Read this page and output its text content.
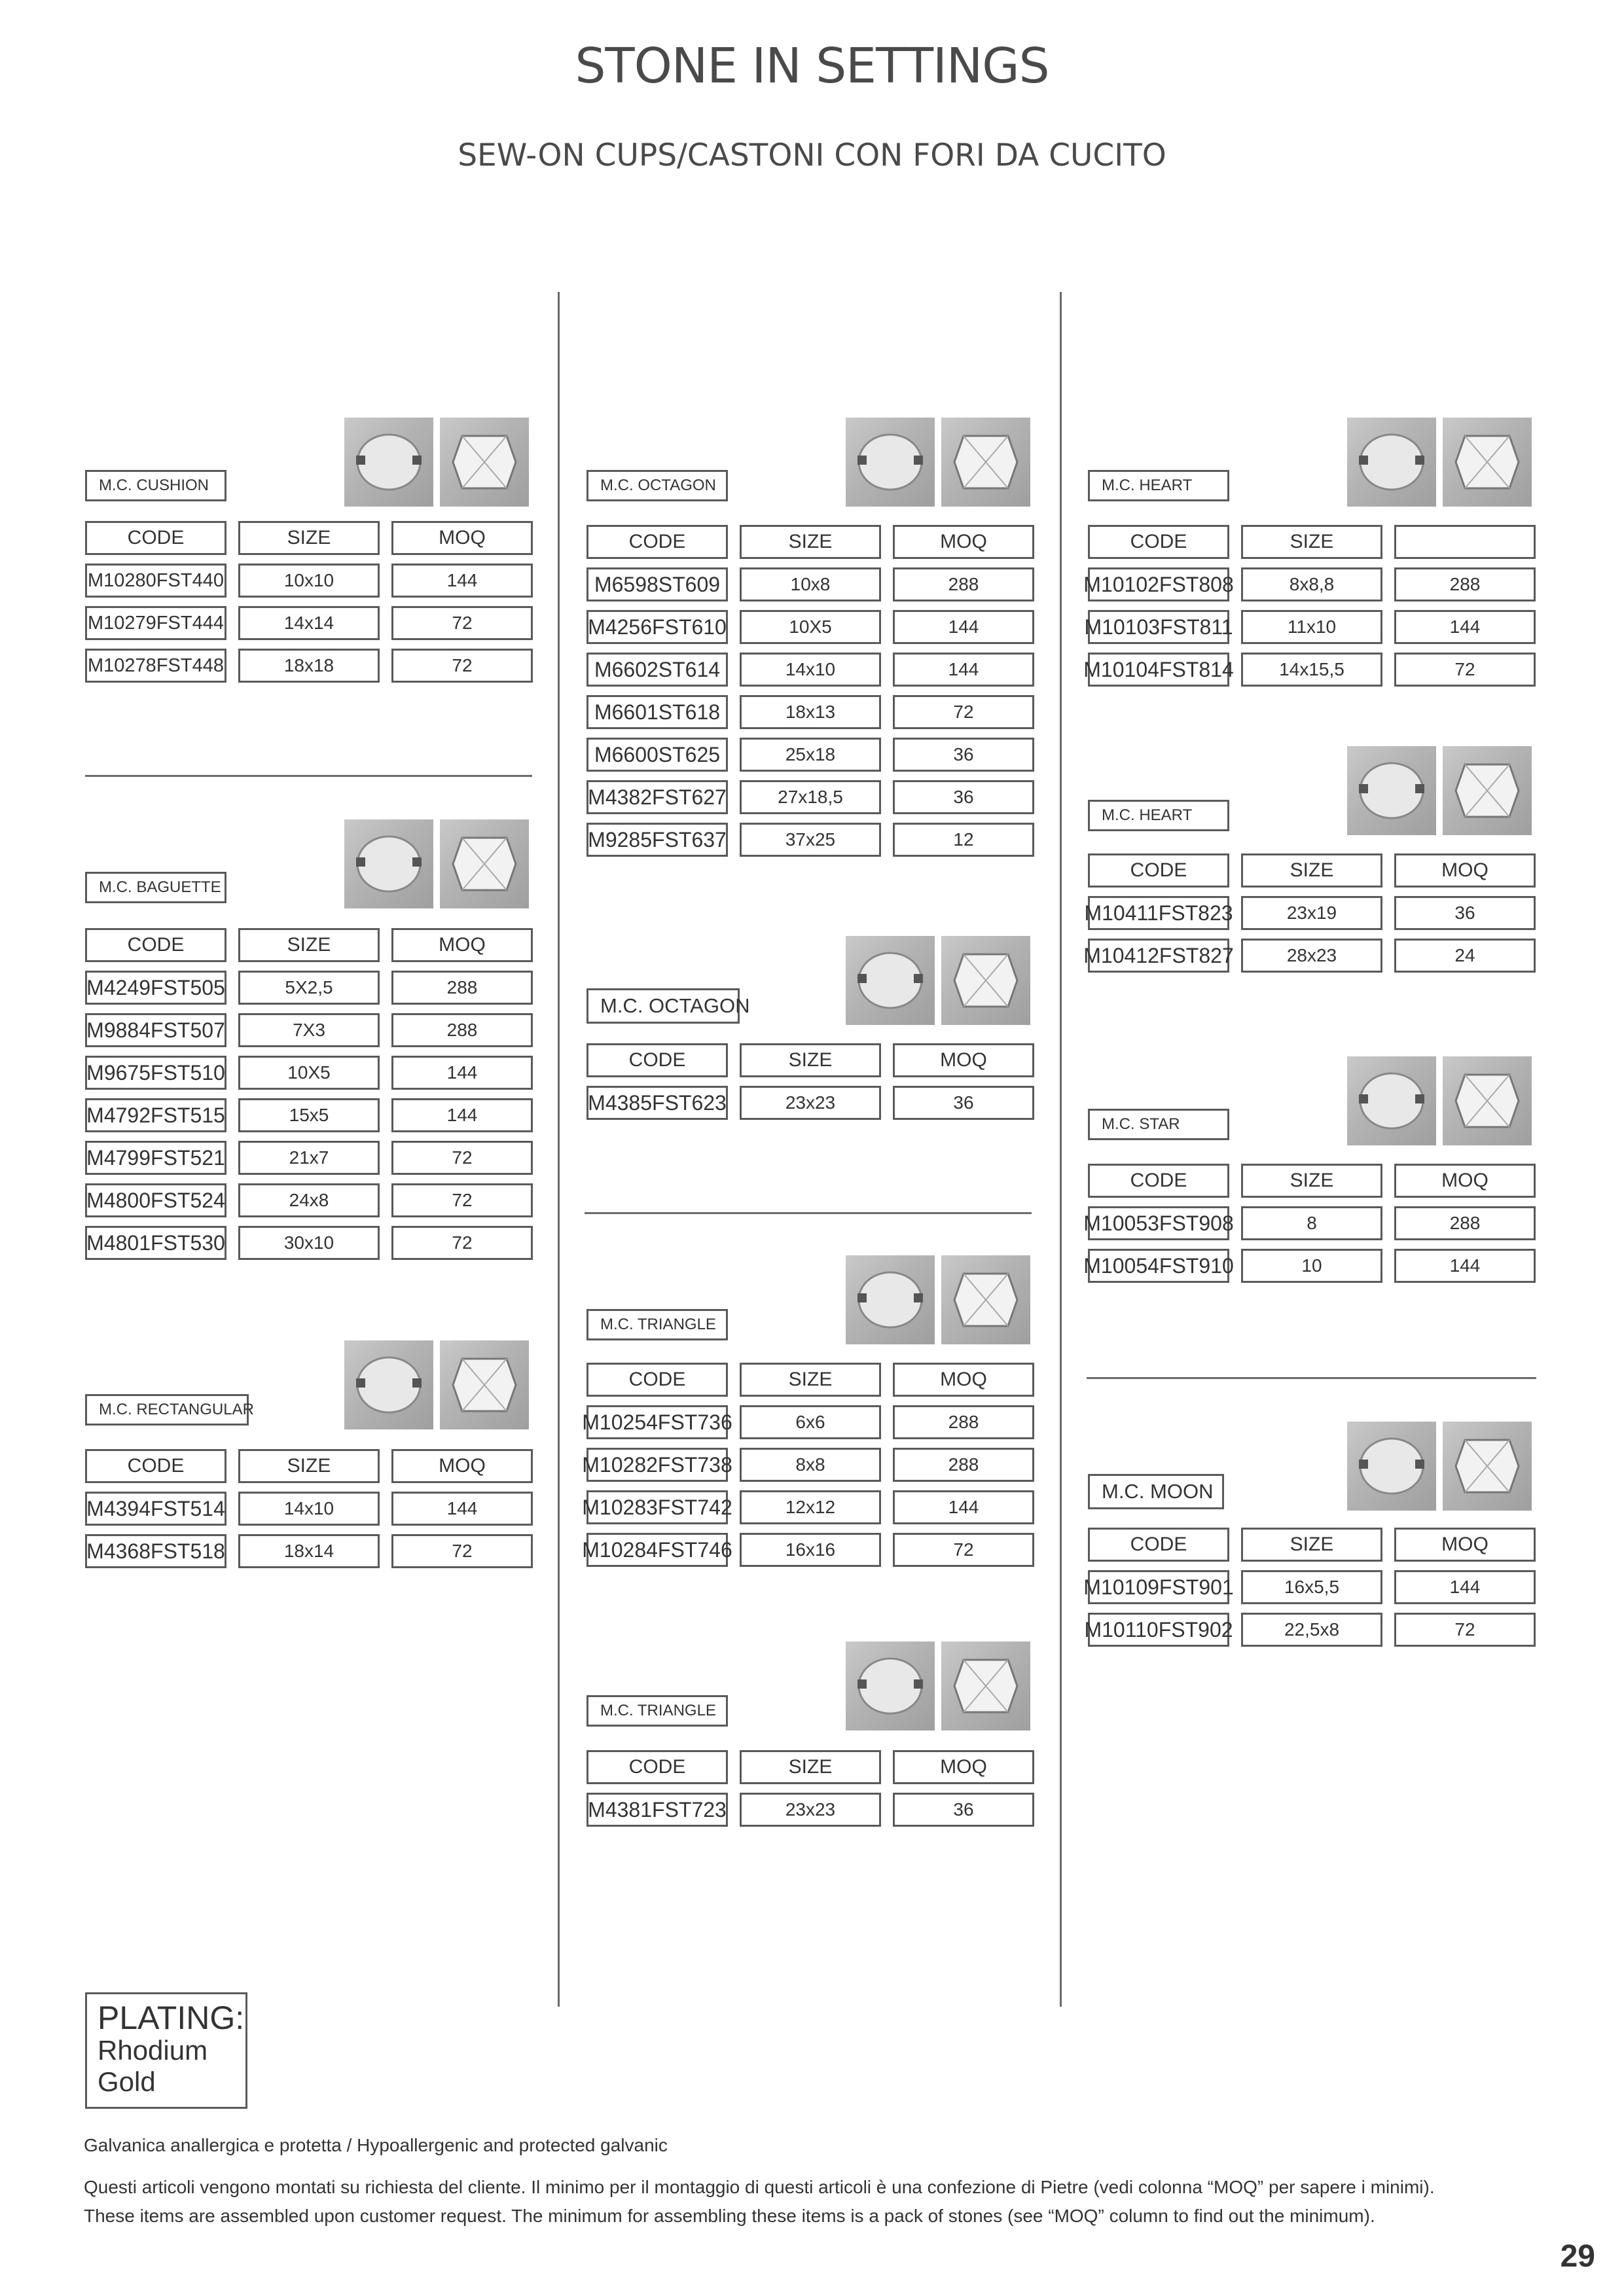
STONE IN SETTINGS
SEW-ON CUPS/CASTONI CON FORI DA CUCITO
M.C. CUSHION
CODE	SIZE	MOQ
M10280FST440	10x10	144
M10279FST444	14x14	72
M10278FST448	18x18	72
M.C. BAGUETTE
CODE	SIZE	MOQ
M4249FST505	5X2,5	288
M9884FST507	7X3	288
M9675FST510	10X5	144
M4792FST515	15x5	144
M4799FST521	21x7	72
M4800FST524	24x8	72
M4801FST530	30x10	72
M.C. RECTANGULAR
CODE	SIZE	MOQ
M4394FST514	14x10	144
M4368FST518	18x14	72
M.C. OCTAGON
CODE	SIZE	MOQ
M6598ST609	10x8	288
M4256FST610	10X5	144
M6602ST614	14x10	144
M6601ST618	18x13	72
M6600ST625	25x18	36
M4382FST627	27x18,5	36
M9285FST637	37x25	12
M.C. OCTAGON
CODE	SIZE	MOQ
M4385FST623	23x23	36
M.C. TRIANGLE
CODE	SIZE	MOQ
M10254FST736	6x6	288
M10282FST738	8x8	288
M10283FST742	12x12	144
M10284FST746	16x16	72
M.C. TRIANGLE
CODE	SIZE	MOQ
M4381FST723	23x23	36
M.C. HEART
CODE	SIZE
M10102FST808	8x8,8	288
M10103FST811	11x10	144
M10104FST814	14x15,5	72
M.C. HEART
CODE	SIZE	MOQ
M10411FST823	23x19	36
M10412FST827	28x23	24
M.C. STAR
CODE	SIZE	MOQ
M10053FST908	8	288
M10054FST910	10	144
M.C. MOON
CODE	SIZE	MOQ
M10109FST901	16x5,5	144
M10110FST902	22,5x8	72
PLATING:
Rhodium
Gold
Galvanica anallergica e protetta / Hypoallergenic and protected galvanic
Questi articoli vengono montati su richiesta del cliente. Il minimo per il montaggio di questi articoli è una confezione di Pietre (vedi colonna “MOQ” per sapere i minimi).
These items are assembled upon customer request. The minimum for assembling these items is a pack of stones (see “MOQ” column to find out the minimum).
29
